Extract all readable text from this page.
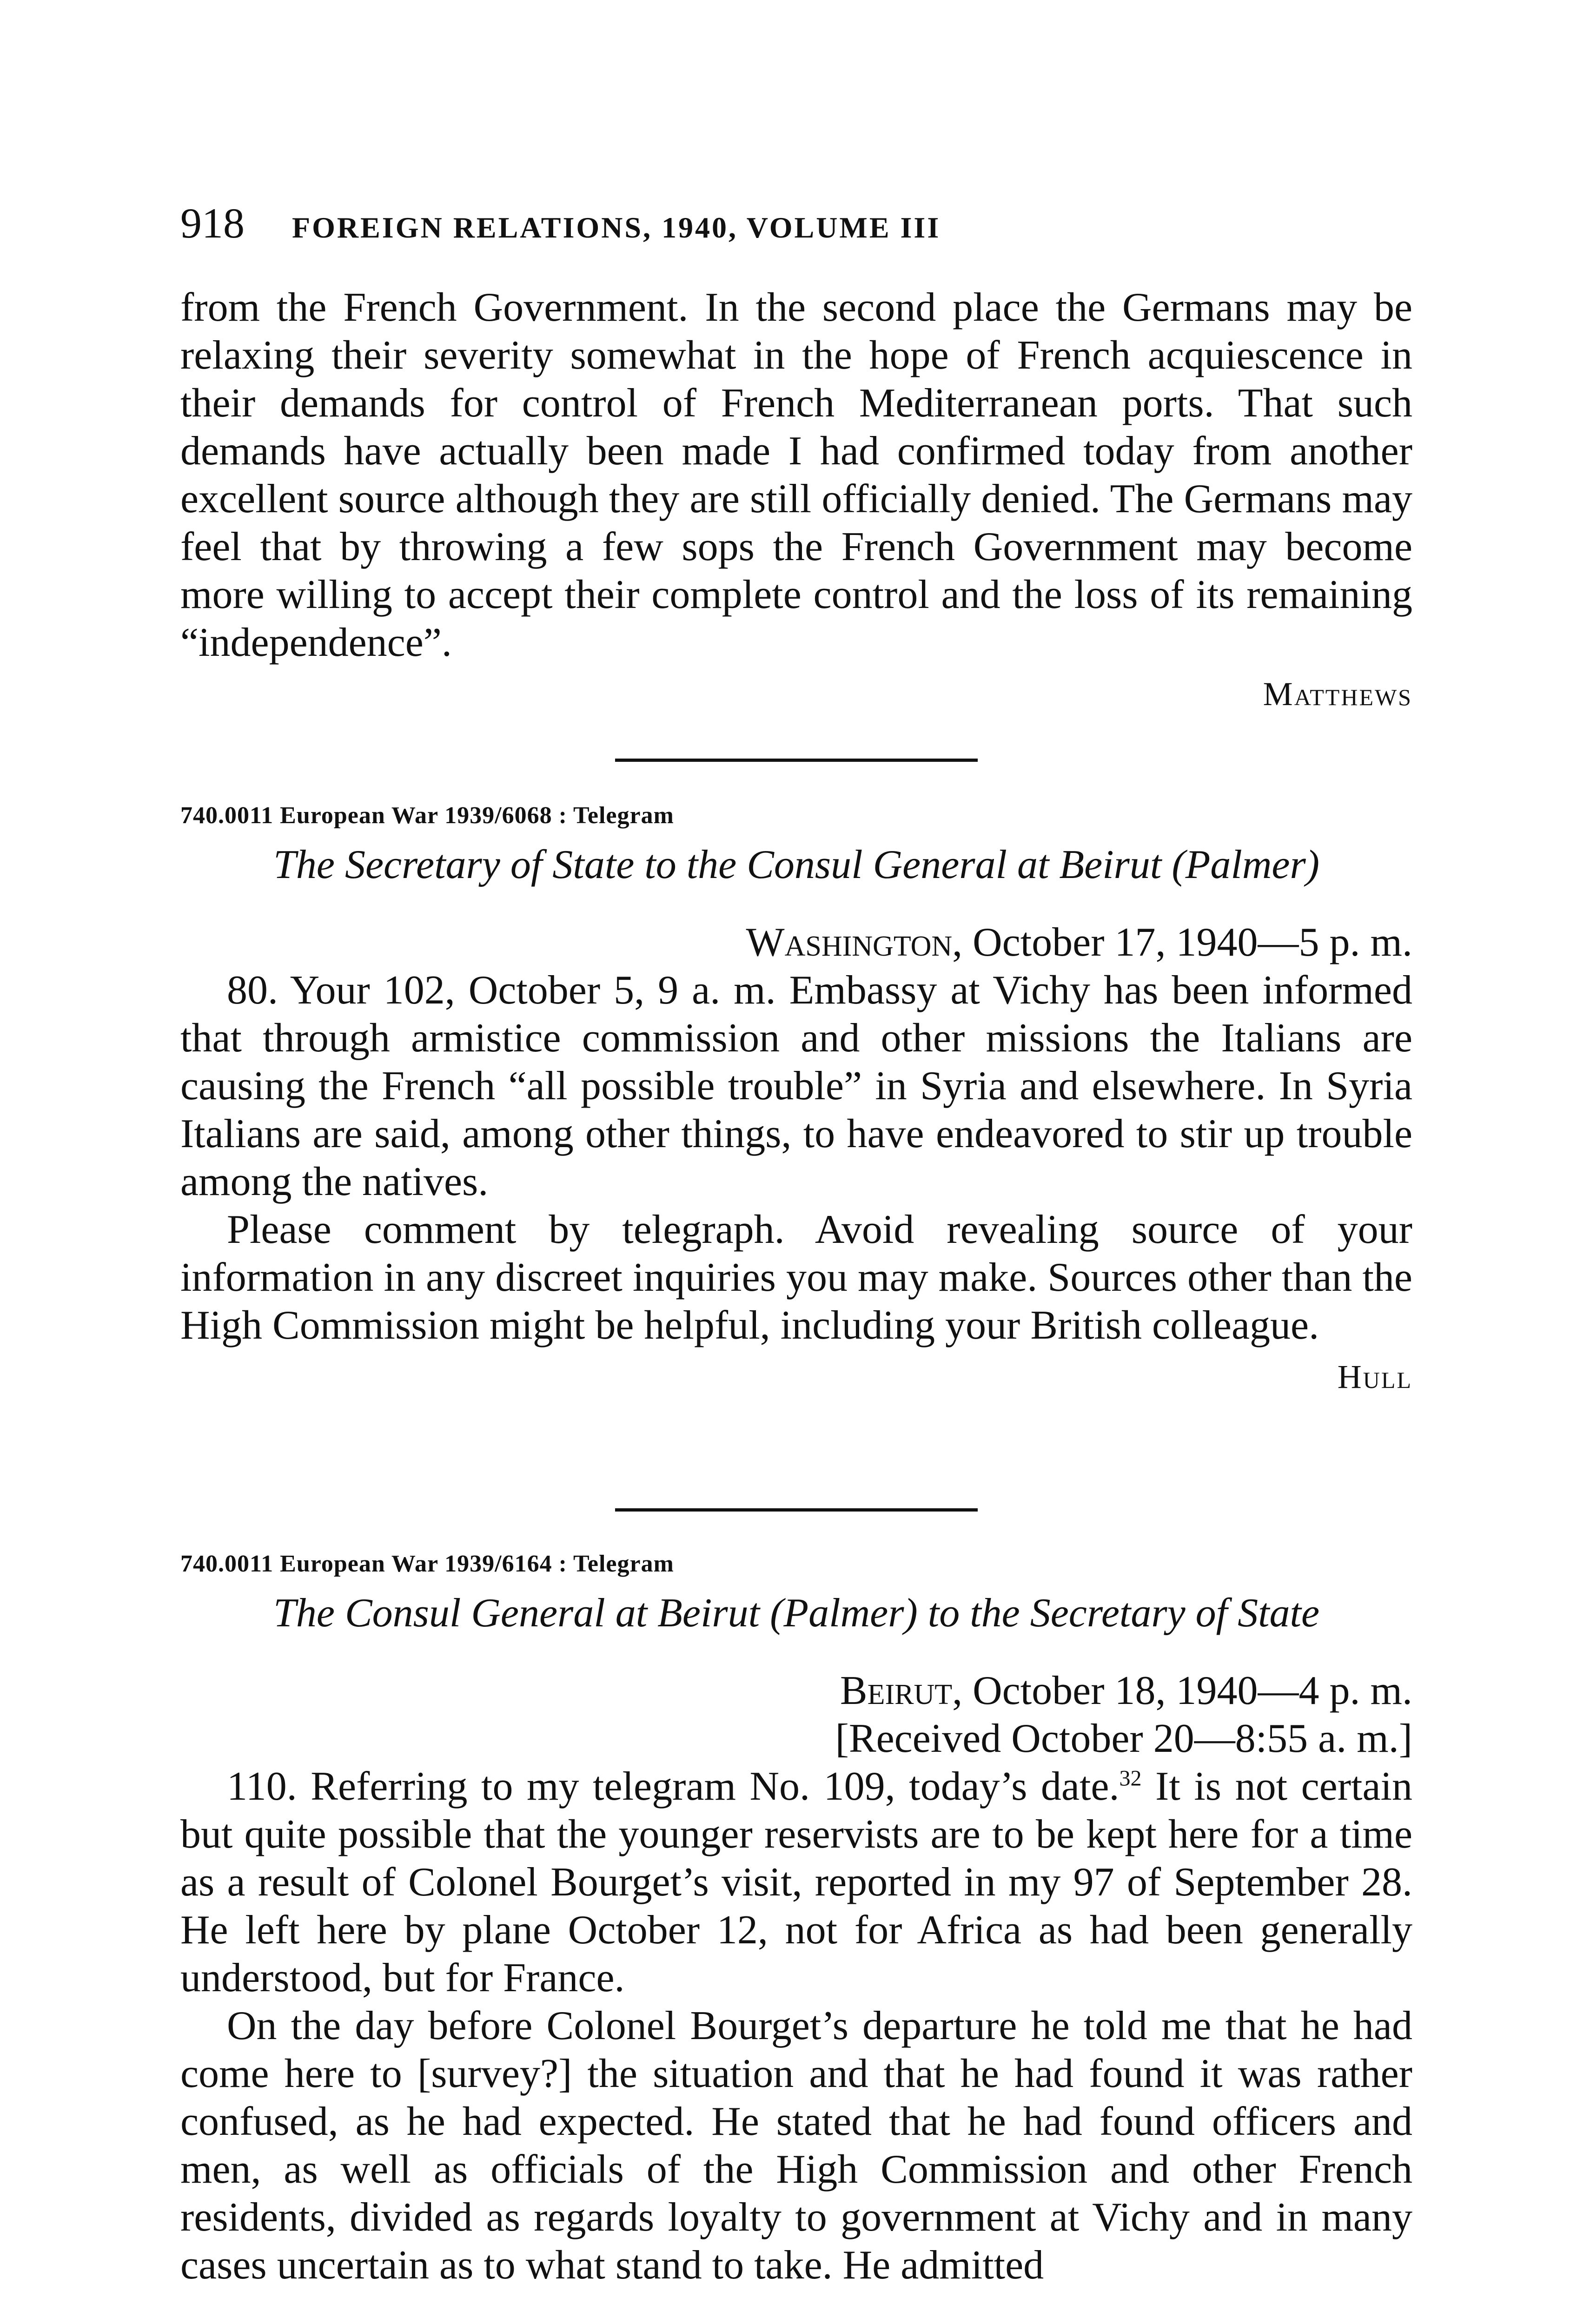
918 FOREIGN RELATIONS, 1940, VOLUME III

from the French Government. In the second place the Germans may be relaxing their severity somewhat in the hope of French acquiescence in their demands for control of French Mediterranean ports. That such demands have actually been made I had confirmed today from another excellent source although they are still officially denied. The Germans may feel that by throwing a few sops the French Government may become more willing to accept their complete control and the loss of its remaining “independence”.

Matthews

740.0011 European War 1939/6068 : Telegram

The Secretary of State to the Consul General at Beirut (Palmer)

Washington, October 17, 1940—5 p. m.

80. Your 102, October 5, 9 a. m. Embassy at Vichy has been informed that through armistice commission and other missions the Italians are causing the French “all possible trouble” in Syria and elsewhere. In Syria Italians are said, among other things, to have endeavored to stir up trouble among the natives.

Please comment by telegraph. Avoid revealing source of your information in any discreet inquiries you may make. Sources other than the High Commission might be helpful, including your British colleague.

Hull

740.0011 European War 1939/6164 : Telegram

The Consul General at Beirut (Palmer) to the Secretary of State

Beirut, October 18, 1940—4 p. m.

[Received October 20—8:55 a. m.]

110. Referring to my telegram No. 109, today’s date.$^{32}$ It is not certain but quite possible that the younger reservists are to be kept here for a time as a result of Colonel Bourget’s visit, reported in my 97 of September 28. He left here by plane October 12, not for Africa as had been generally understood, but for France.

On the day before Colonel Bourget’s departure he told me that he had come here to [survey?] the situation and that he had found it was rather confused, as he had expected. He stated that he had found officers and men, as well as officials of the High Commission and other French residents, divided as regards loyalty to government at Vichy and in many cases uncertain as to what stand to take. He admitted
